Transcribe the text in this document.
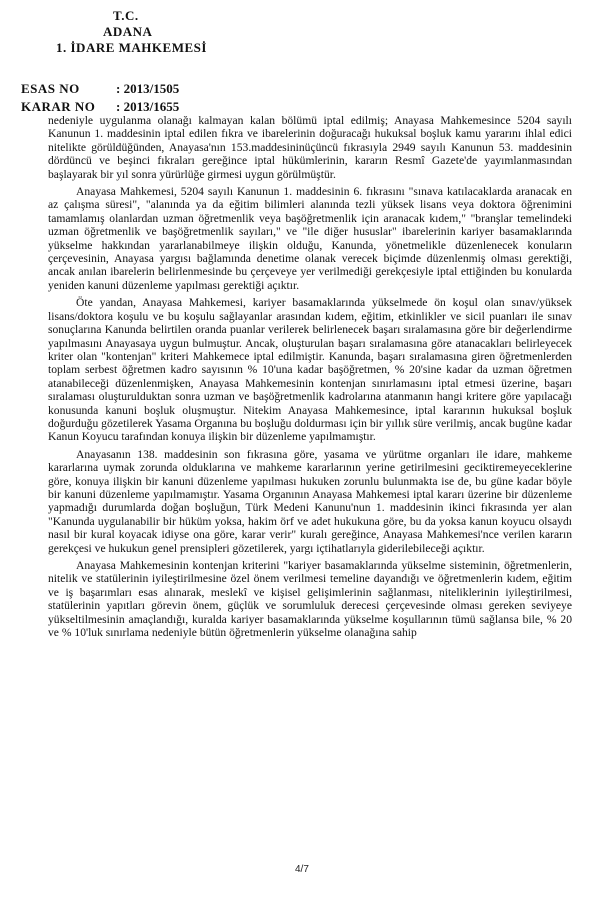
T.C.
ADANA
1. İDARE MAHKEMESİ
ESAS NO	: 2013/1505
KARAR NO : 2013/1655

nedeniyle uygulanma olanağı kalmayan kalan bölümü iptal edilmiş; Anayasa Mahkemesince 5204 sayılı Kanunun 1. maddesinin iptal edilen fıkra ve ibarelerinin doğuracağı hukuksal boşluk kamu yararını ihlal edici nitelikte görüldüğünden, Anayasa'nın 153.maddesininüçüncü fıkrasıyla 2949 sayılı Kanunun 53. maddesinin dördüncü ve beşinci fıkraları gereğince iptal hükümlerinin, kararın Resmî Gazete'de yayımlanmasından başlayarak bir yıl sonra yürürlüğe girmesi uygun görülmüştür.

Anayasa Mahkemesi, 5204 sayılı Kanunun 1. maddesinin 6. fıkrasını "sınava katılacaklarda aranacak en az çalışma süresi", "alanında ya da eğitim bilimleri alanında tezli yüksek lisans veya doktora öğrenimini tamamlamış olanlardan uzman öğretmenlik veya başöğretmenlik için aranacak kıdem," "branşlar temelindeki uzman öğretmenlik ve başöğretmenlik sayıları," ve "ile diğer hususlar" ibarelerinin kariyer basamaklarında yükselme hakkından yararlanabilmeye ilişkin olduğu, Kanunda, yönetmelikle düzenlenecek konuların çerçevesinin, Anayasa yargısı bağlamında denetime olanak verecek biçimde düzenlenmiş olması gerektiği, ancak anılan ibarelerin belirlenmesinde bu çerçeveye yer verilmediği gerekçesiyle iptal ettiğinden bu konularda yeniden kanuni düzenleme yapılması gerektiği açıktır.

Öte yandan, Anayasa Mahkemesi, kariyer basamaklarında yükselmede ön koşul olan sınav/yüksek lisans/doktora koşulu ve bu koşulu sağlayanlar arasından kıdem, eğitim, etkinlikler ve sicil puanları ile sınav sonuçlarına Kanunda belirtilen oranda puanlar verilerek belirlenecek başarı sıralamasına göre bir değerlendirme yapılmasını Anayasaya uygun bulmuştur. Ancak, oluşturulan başarı sıralamasına göre atanacakları belirleyecek kriter olan "kontenjan" kriteri Mahkemece iptal edilmiştir. Kanunda, başarı sıralamasına giren öğretmenlerden toplam serbest öğretmen kadro sayısının % 10'una kadar başöğretmen, % 20'sine kadar da uzman öğretmen atanabileceği düzenlenmişken, Anayasa Mahkemesinin kontenjan sınırlamasını iptal etmesi üzerine, başarı sıralaması oluşturulduktan sonra uzman ve başöğretmenlik kadrolarına atanmanın hangi kritere göre yapılacağı konusunda kanuni boşluk oluşmuştur. Nitekim Anayasa Mahkemesince, iptal kararının hukuksal boşluk doğurduğu gözetilerek Yasama Organına bu boşluğu doldurması için bir yıllık süre verilmiş, ancak bugüne kadar Kanun Koyucu tarafından konuya ilişkin bir düzenleme yapılmamıştır.

Anayasanın 138. maddesinin son fıkrasına göre, yasama ve yürütme organları ile idare, mahkeme kararlarına uymak zorunda olduklarına ve mahkeme kararlarının yerine getirilmesini geciktiremeyeceklerine göre, konuya ilişkin bir kanuni düzenleme yapılması hukuken zorunlu bulunmakta ise de, bu güne kadar böyle bir kanuni düzenleme yapılmamıştır. Yasama Organının Anayasa Mahkemesi iptal kararı üzerine bir düzenleme yapmadığı durumlarda doğan boşluğun, Türk Medeni Kanunu'nun 1. maddesinin ikinci fıkrasında yer alan "Kanunda uygulanabilir bir hüküm yoksa, hakim örf ve adet hukukuna göre, bu da yoksa kanun koyucu olsaydı nasıl bir kural koyacak idiyse ona göre, karar verir" kuralı gereğince, Anayasa Mahkemesi'nce verilen kararın gerekçesi ve hukukun genel prensipleri gözetilerek, yargı içtihatlarıyla giderilebileceği açıktır.

Anayasa Mahkemesinin kontenjan kriterini "kariyer basamaklarında yükselme sisteminin, öğretmenlerin, nitelik ve statülerinin iyileştirilmesine özel önem verilmesi temeline dayandığı ve öğretmenlerin kıdem, eğitim ve iş başarımları esas alınarak, meslekî ve kişisel gelişimlerinin sağlanması, niteliklerinin iyileştirilmesi, statülerinin yapıtları görevin önem, güçlük ve sorumluluk derecesi çerçevesinde olması gereken seviyeye yükseltilmesinin amaçlandığı, kuralda kariyer basamaklarında yükselme koşullarının tümü sağlansa bile, % 20 ve % 10'luk sınırlama nedeniyle bütün öğretmenlerin yükselme olanağına sahip

4/7
